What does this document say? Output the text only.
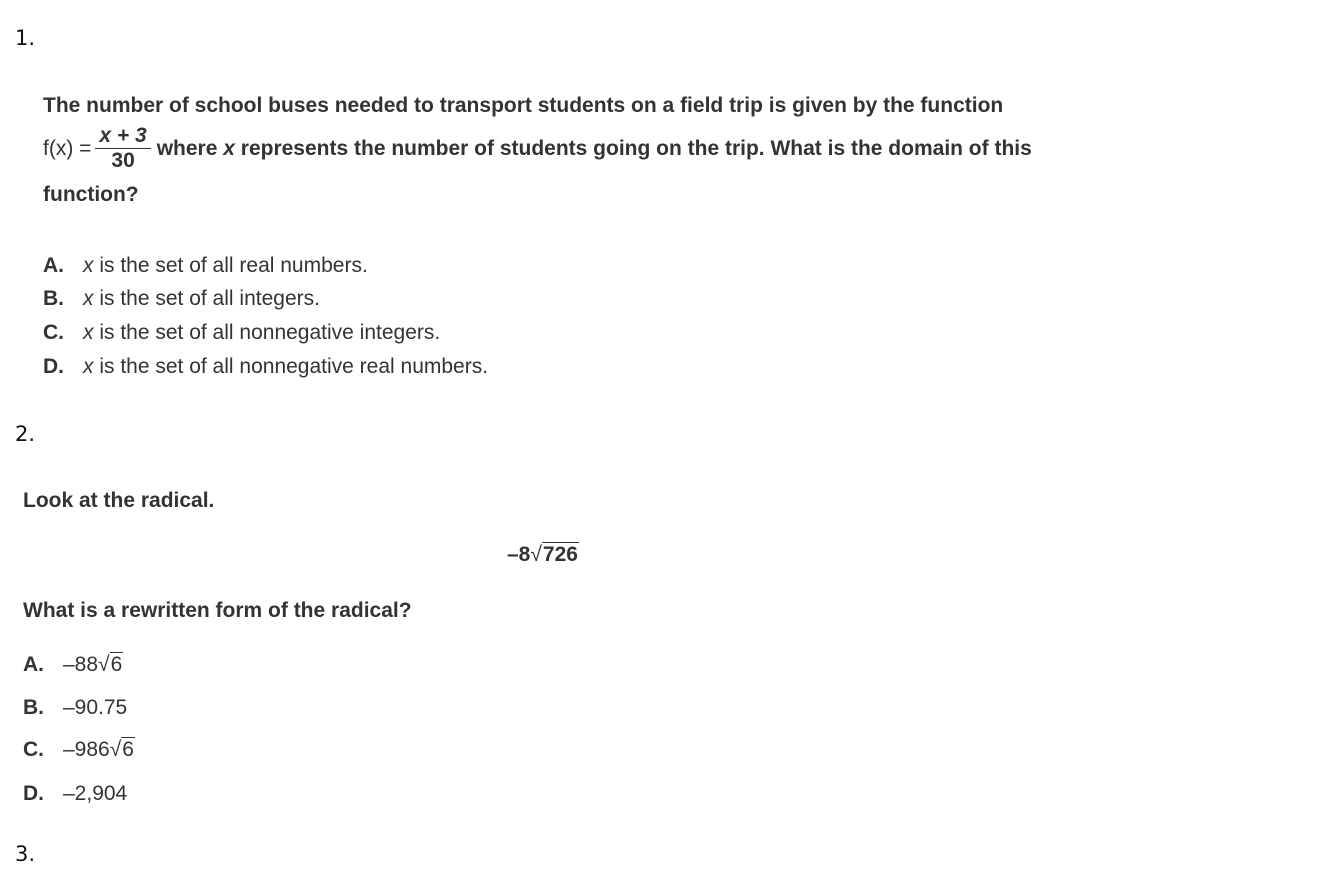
1.
The number of school buses needed to transport students on a field trip is given by the function
$f(x) = \frac{x + 3}{30}$ where x represents the number of students going on the trip. What is the domain of this
function?
A. x is the set of all real numbers.
B. x is the set of all integers.
C. x is the set of all nonnegative integers.
D. x is the set of all nonnegative real numbers.
2.
Look at the radical.
–8√726
What is a rewritten form of the radical?
A. –88√6
B. –90.75
C. –986√6
D. –2,904
3.
